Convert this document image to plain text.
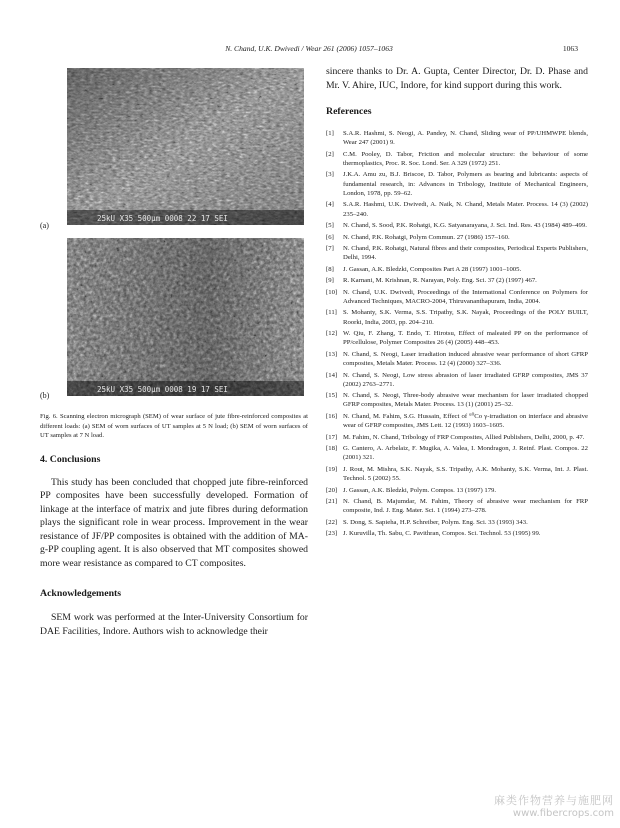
N. Chand, U.K. Dwivedi / Wear 261 (2006) 1057–1063	1063
25kU X35 500µm 0008 22 17 SEI
(a)
25kU X35 500µm 0008 19 17 SEI
(b)

Fig. 6. Scanning electron micrograph (SEM) of wear surface of jute fibre-reinforced composites at different loads: (a) SEM of worn surfaces of UT samples at 5 N load; (b) SEM of worn surfaces of UT samples at 7 N load.

4. Conclusions

This study has been concluded that chopped jute fibre-reinforced PP composites have been successfully developed. Formation of linkage at the interface of matrix and jute fibres during deformation plays the significant role in wear process. Improvement in the wear resistance of JF/PP composites is obtained with the addition of MA-g-PP coupling agent. It is also observed that MT composites showed more wear resistance as compared to CT composites.

Acknowledgements

SEM work was performed at the Inter-University Consortium for DAE Facilities, Indore. Authors wish to acknowledge their

sincere thanks to Dr. A. Gupta, Center Director, Dr. D. Phase and Mr. V. Ahire, IUC, Indore, for kind support during this work.

References
[1]	S.A.R. Hashmi, S. Neogi, A. Pandey, N. Chand, Sliding wear of PP/UHMWPE blends, Wear 247 (2001) 9.
[2]	C.M. Pooley, D. Tabor, Friction and molecular structure: the behaviour of some thermoplastics, Proc. R. Soc. Lond. Ser. A 329 (1972) 251.
[3]	J.K.A. Amu zu, B.J. Briscoe, D. Tabor, Polymers as bearing and lubricants: aspects of fundamental research, in: Advances in Tribology, Institute of Mechanical Engineers, London, 1978, pp. 59–62.
[4]	S.A.R. Hashmi, U.K. Dwivedi, A. Naik, N. Chand, Metals Mater. Process. 14 (3) (2002) 235–240.
[5]	N. Chand, S. Sood, P.K. Rohatgi, K.G. Satyanarayana, J. Sci. Ind. Res. 43 (1984) 489–499.
[6]	N. Chand, P.K. Rohatgi, Polym Commun. 27 (1986) 157–160.
[7]	N. Chand, P.K. Rohatgi, Natural fibres and their composites, Periodical Experts Publishers, Delhi, 1994.
[8]	J. Gassan, A.K. Bledzki, Composites Part A 28 (1997) 1001–1005.
[9]	R. Karnani, M. Krishnan, R. Narayan, Poly. Eng. Sci. 37 (2) (1997) 467.
[10] N. Chand, U.K. Dwivedi, Proceedings of the International Conference on Polymers for Advanced Techniques, MACRO-2004, Thiruvananthapuram, India, 2004.
[11] S. Mohanty, S.K. Verma, S.S. Tripathy, S.K. Nayak, Proceedings of the POLY BUILT, Roorki, India, 2003, pp. 204–210.
[12] W. Qiu, F. Zhang, T. Endo, T. Hirotsu, Effect of maleated PP on the performance of PP/cellulose, Polymer Composites 26 (4) (2005) 448–453.
[13] N. Chand, S. Neogi, Laser irradiation induced abrasive wear performance of short GFRP composites, Metals Mater. Process. 12 (4) (2000) 327–336.
[14] N. Chand, S. Neogi, Low stress abrasion of laser irradiated GFRP composites, JMS 37 (2002) 2763–2771.
[15] N. Chand, S. Neogi, Three-body abrasive wear mechanism for laser irradiated chopped GFRP composites, Metals Mater. Process. 13 (1) (2001) 25–32.
[16] N. Chand, M. Fahim, S.G. Hussain, Effect of ⁶⁰Co γ-irradiation on interface and abrasive wear of GFRP composites, JMS Lett. 12 (1993) 1603–1605.
[17] M. Fahim, N. Chand, Tribology of FRP Composites, Allied Publishers, Delhi, 2000, p. 47.
[18] G. Cantero, A. Arbelaiz, F. Mugika, A. Valea, I. Mondragon, J. Reinf. Plast. Compos. 22 (2001) 321.
[19] J. Rout, M. Mishra, S.K. Nayak, S.S. Tripathy, A.K. Mohanty, S.K. Verma, Int. J. Plast. Technol. 5 (2002) 55.
[20] J. Gassan, A.K. Bledzki, Polym. Compos. 13 (1997) 179.
[21] N. Chand, B. Majumdar, M. Fahim, Theory of abrasive wear mechanism for FRP composite, Ind. J. Eng. Mater. Sci. 1 (1994) 273–278.
[22] S. Dong, S. Sapieha, H.P. Schreiber, Polym. Eng. Sci. 33 (1993) 343.
[23] J. Kuruvilla, Th. Sabu, C. Pavithran, Compos. Sci. Technol. 53 (1995) 99.
麻类作物营养与施肥网
www.fibercrops.com
